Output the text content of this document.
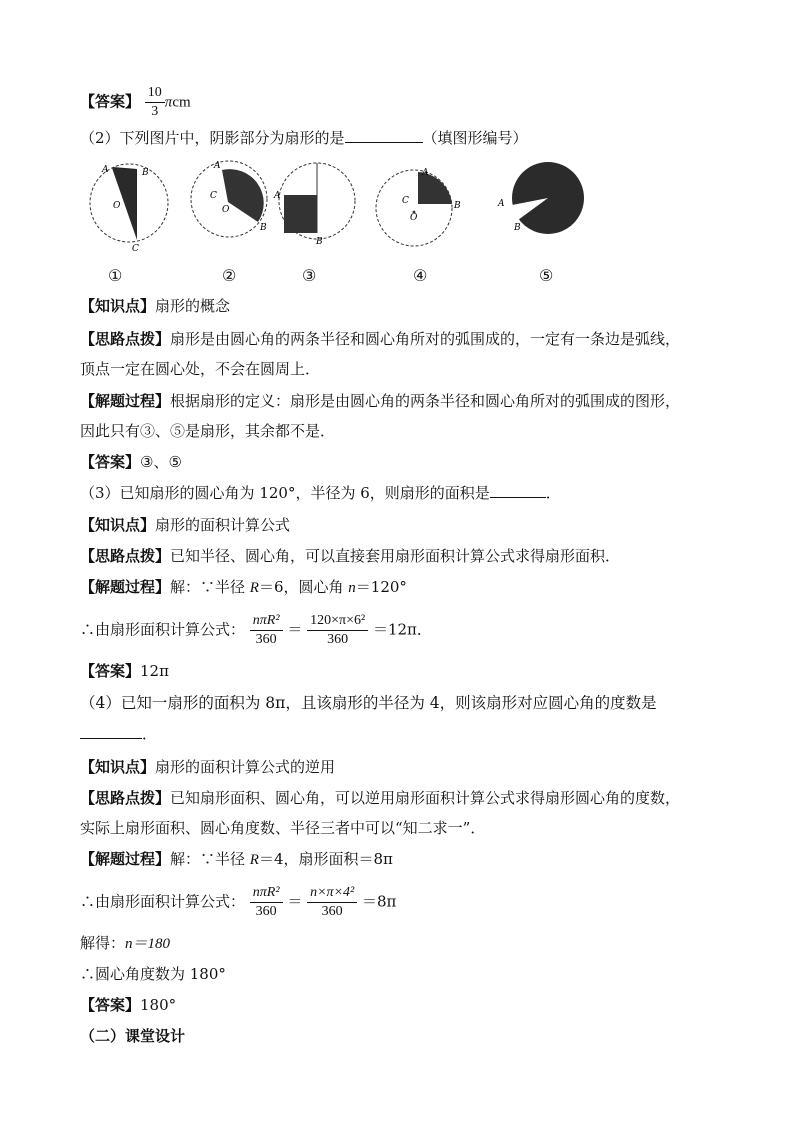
【答案】 $\frac{10}{3}$ πcm
（2）下列图片中，阴影部分为扇形的是	（填图形编号）
A	B
O
C
A
C
O
B
A
B
A
C
O
B	A
B
①	②	③	④	⑤
【知识点】扇形的概念
【思路点拨】扇形是由圆心角的两条半径和圆心角所对的弧围成的，一定有一条边是弧线，
顶点一定在圆心处，不会在圆周上．
【解题过程】根据扇形的定义：扇形是由圆心角的两条半径和圆心角所对的弧围成的图形，
因此只有③、⑤是扇形，其余都不是．
【答案】③、⑤
（3）已知扇形的圆心角为 120°，半径为 6，则扇形的面积是	．
【知识点】扇形的面积计算公式
【思路点拨】已知半径、圆心角，可以直接套用扇形面积计算公式求得扇形面积．
【解题过程】解：∵半径 R＝6，圆心角 n＝120°
∴由扇形面积计算公式： $\frac{\text{nπR²}}{360} = \frac{\text{120×π×6²}}{360} =12\pi$．
【答案】12π
（4）已知一扇形的面积为 8π，且该扇形的半径为 4，则该扇形对应圆心角的度数是
．
【知识点】扇形的面积计算公式的逆用
【思路点拨】已知扇形面积、圆心角，可以逆用扇形面积计算公式求得扇形圆心角的度数，
实际上扇形面积、圆心角度数、半径三者中可以“知二求一”．
【解题过程】解：∵半径 R＝4，扇形面积＝8π
∴由扇形面积计算公式： $\frac{\text{nπR²}}{360} = \frac{\text{n×π×4²}}{360} =8\pi$
解得：n＝180
∴圆心角度数为 180°
【答案】180°
（二）课堂设计
